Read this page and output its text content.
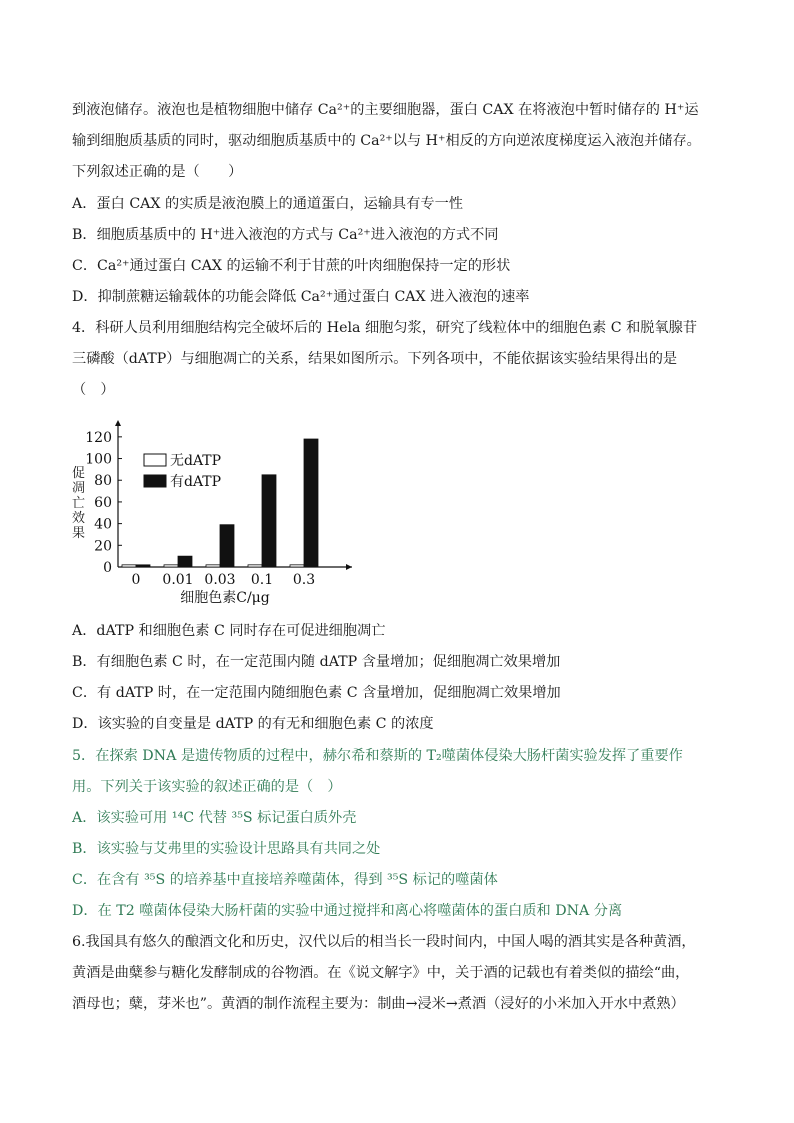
到液泡储存。液泡也是植物细胞中储存 Ca²⁺的主要细胞器，蛋白 CAX 在将液泡中暂时储存的 H⁺运
输到细胞质基质的同时，驱动细胞质基质中的 Ca²⁺以与 H⁺相反的方向逆浓度梯度运入液泡并储存。
下列叙述正确的是（　　）
A．蛋白 CAX 的实质是液泡膜上的通道蛋白，运输具有专一性
B．细胞质基质中的 H⁺进入液泡的方式与 Ca²⁺进入液泡的方式不同
C．Ca²⁺通过蛋白 CAX 的运输不利于甘蔗的叶肉细胞保持一定的形状
D．抑制蔗糖运输载体的功能会降低 Ca²⁺通过蛋白 CAX 进入液泡的速率
4．科研人员利用细胞结构完全破坏后的 Hela 细胞匀浆，研究了线粒体中的细胞色素 C 和脱氧腺苷
三磷酸（dATP）与细胞凋亡的关系，结果如图所示。下列各项中，不能依据该实验结果得出的是
（　）
促凋亡效果
0
20
40
60
80
100
120
0 0.01 0.03 0.1 0.3
细胞色素C/μg
无dATP
有dATP
A．dATP 和细胞色素 C 同时存在可促进细胞凋亡
B．有细胞色素 C 时，在一定范围内随 dATP 含量增加；促细胞凋亡效果增加
C．有 dATP 时，在一定范围内随细胞色素 C 含量增加，促细胞凋亡效果增加
D．该实验的自变量是 dATP 的有无和细胞色素 C 的浓度
5．在探索 DNA 是遗传物质的过程中，赫尔希和蔡斯的 T₂噬菌体侵染大肠杆菌实验发挥了重要作
用。下列关于该实验的叙述正确的是（　）
A．该实验可用 ¹⁴C 代替 ³⁵S 标记蛋白质外壳
B．该实验与艾弗里的实验设计思路具有共同之处
C．在含有 ³⁵S 的培养基中直接培养噬菌体，得到 ³⁵S 标记的噬菌体
D．在 T2 噬菌体侵染大肠杆菌的实验中通过搅拌和离心将噬菌体的蛋白质和 DNA 分离
6.我国具有悠久的酿酒文化和历史，汉代以后的相当长一段时间内，中国人喝的酒其实是各种黄酒，
黄酒是曲糵参与糖化发酵制成的谷物酒。在《说文解字》中，关于酒的记载也有着类似的描绘“曲，
酒母也；糵，芽米也”。黄酒的制作流程主要为：制曲→浸米→煮酒（浸好的小米加入开水中煮熟）
